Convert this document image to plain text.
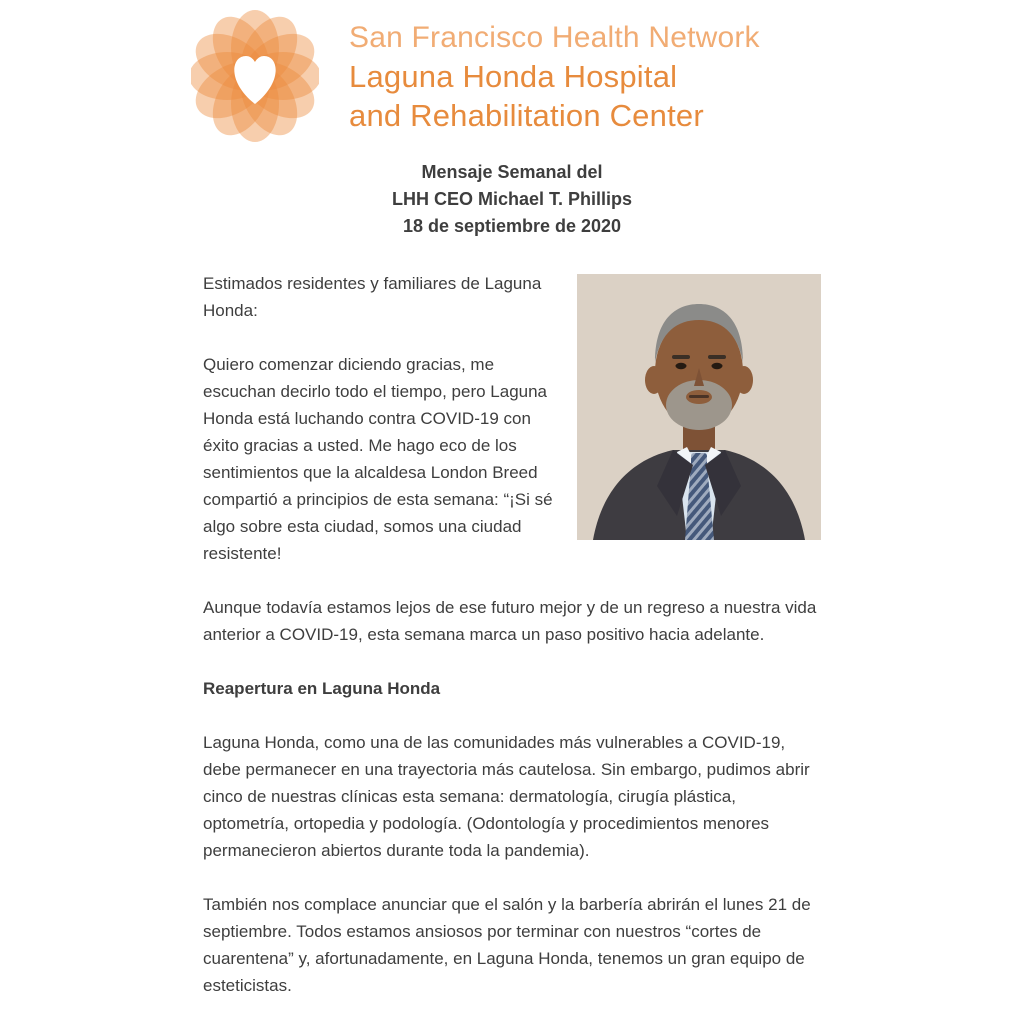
San Francisco Health Network
Laguna Honda Hospital
and Rehabilitation Center
Mensaje Semanal del
LHH CEO Michael T. Phillips
18 de septiembre de 2020

Estimados residentes y familiares de Laguna Honda:

Quiero comenzar diciendo gracias, me escuchan decirlo todo el tiempo, pero Laguna Honda está luchando contra COVID-19 con éxito gracias a usted. Me hago eco de los sentimientos que la alcaldesa London Breed compartió a principios de esta semana: “¡Si sé algo sobre esta ciudad, somos una ciudad resistente!

Aunque todavía estamos lejos de ese futuro mejor y de un regreso a nuestra vida anterior a COVID-19, esta semana marca un paso positivo hacia adelante.

Reapertura en Laguna Honda

Laguna Honda, como una de las comunidades más vulnerables a COVID-19, debe permanecer en una trayectoria más cautelosa. Sin embargo, pudimos abrir cinco de nuestras clínicas esta semana: dermatología, cirugía plástica, optometría, ortopedia y podología. (Odontología y procedimientos menores permanecieron abiertos durante toda la pandemia).

También nos complace anunciar que el salón y la barbería abrirán el lunes 21 de septiembre. Todos estamos ansiosos por terminar con nuestros “cortes de cuarentena” y, afortunadamente, en Laguna Honda, tenemos un gran equipo de esteticistas.
